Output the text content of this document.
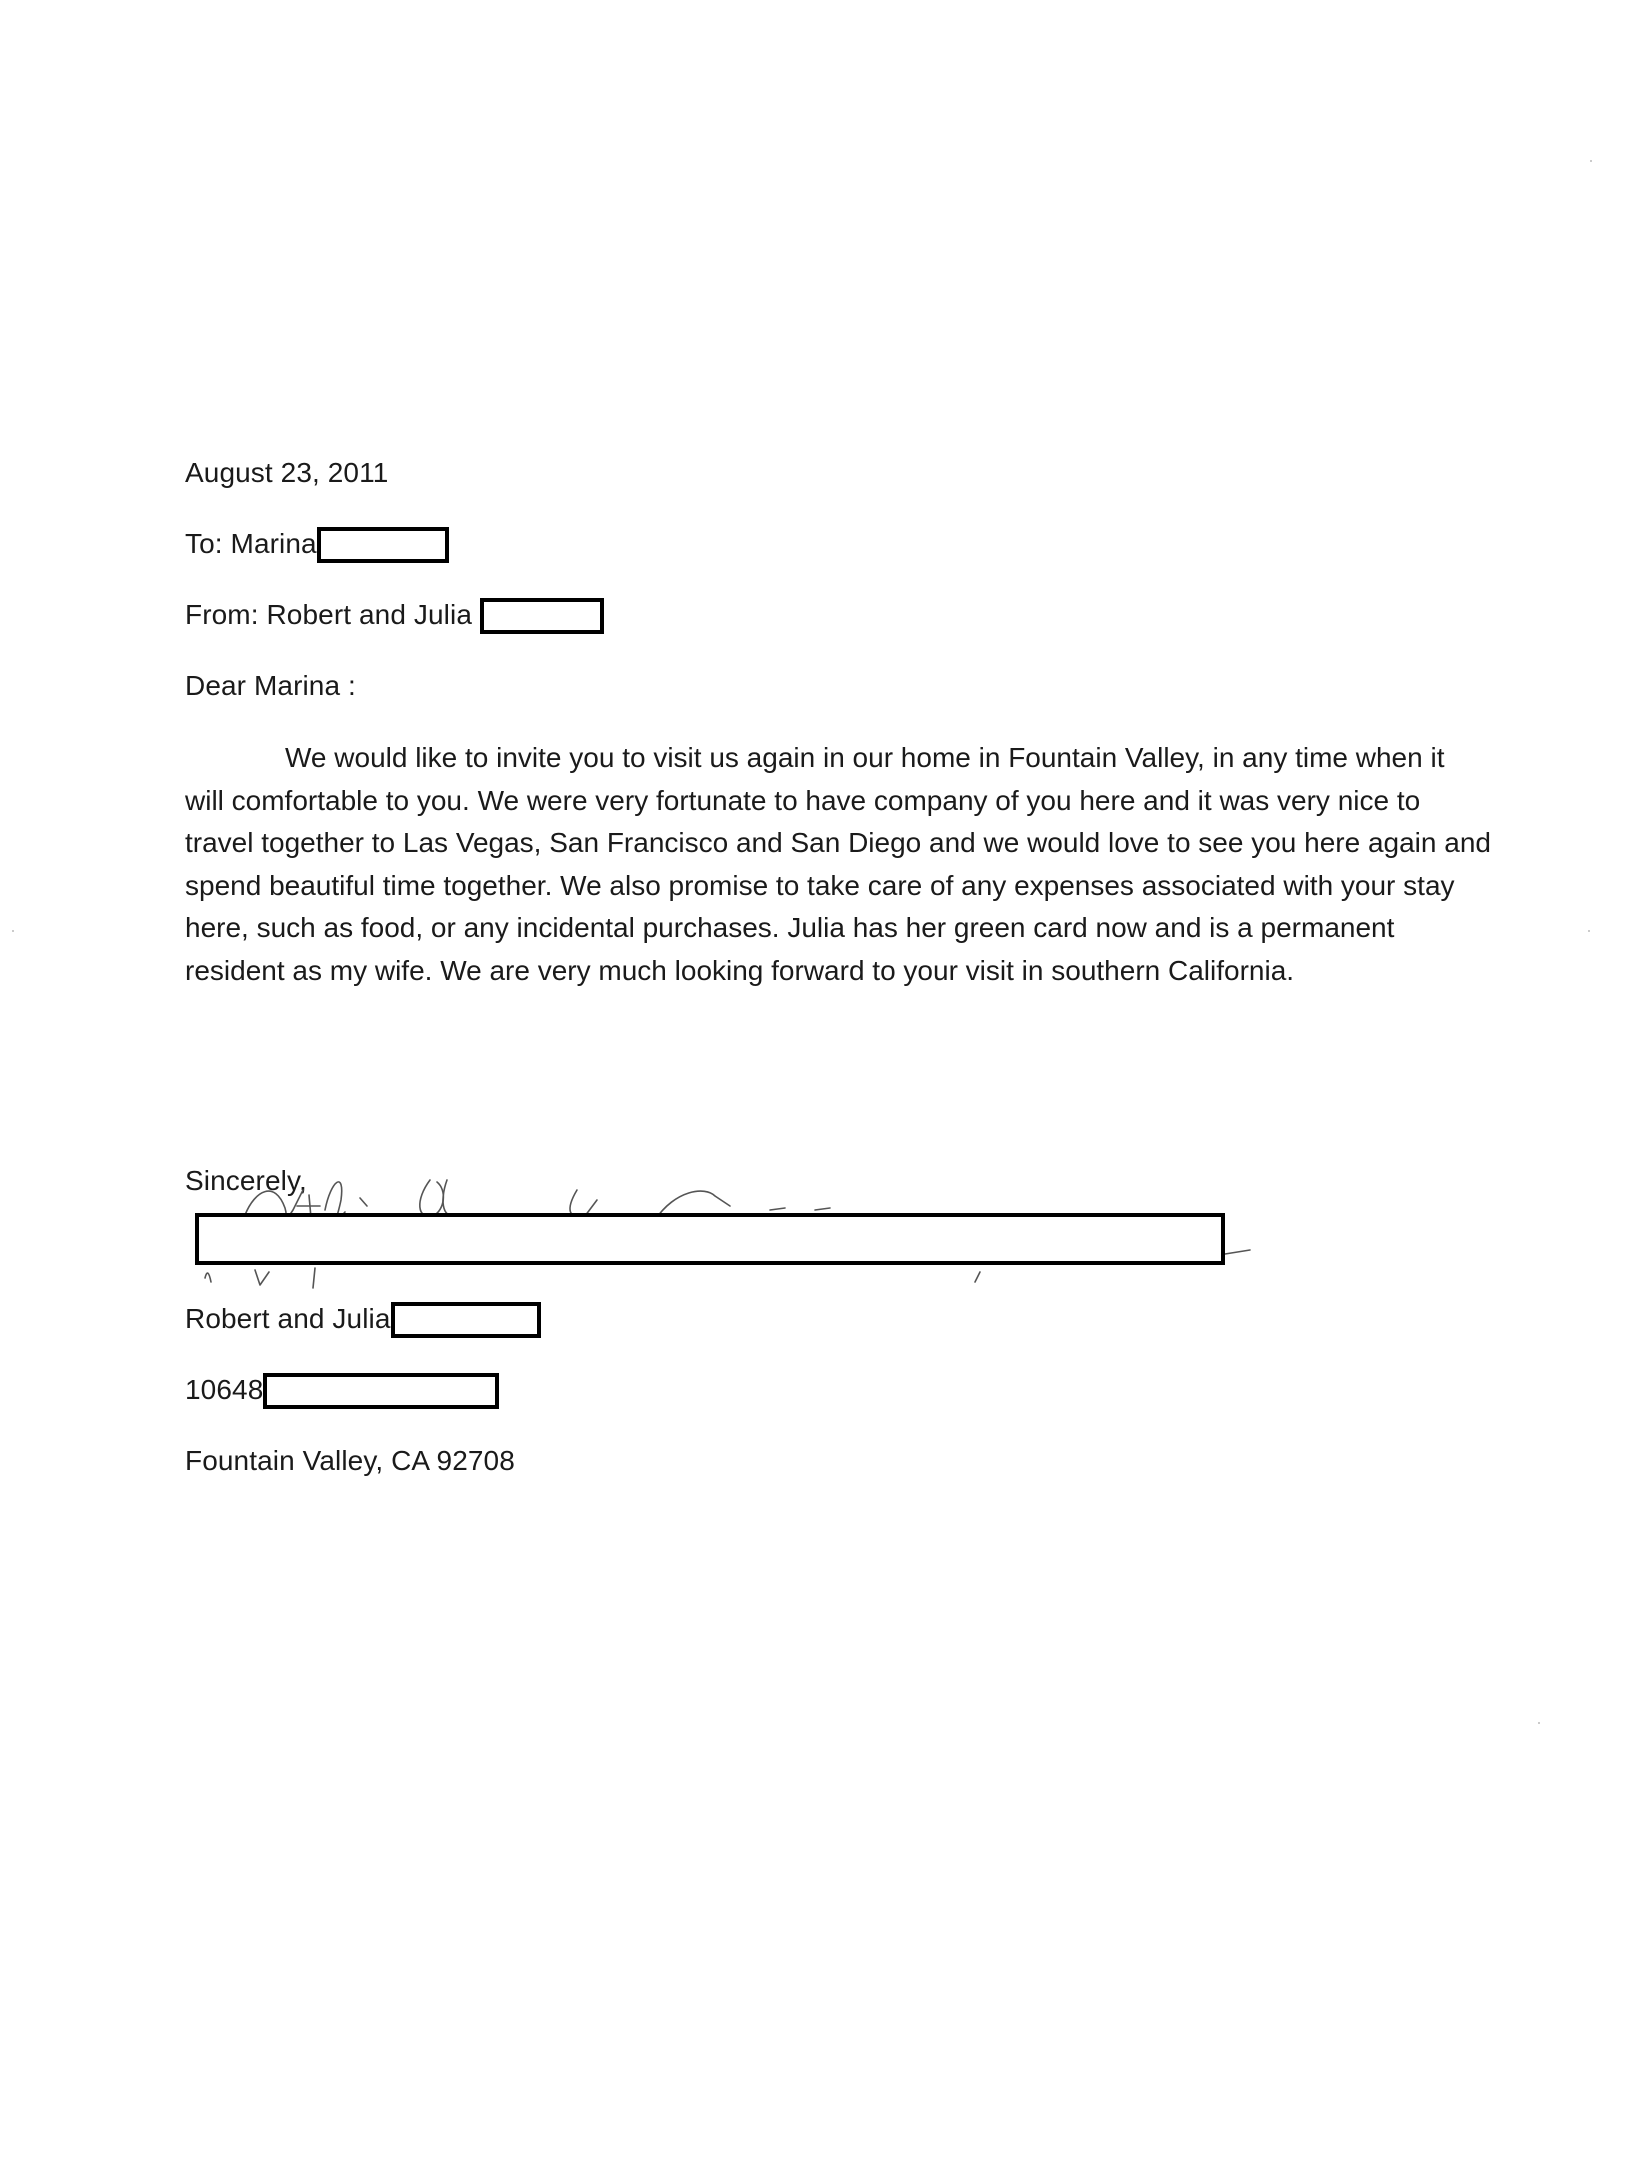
August 23, 2011
To: Marina
From: Robert and Julia
Dear Marina :

We would like to invite you to visit us again in our home in Fountain Valley, in any time when it

will comfortable to you. We were very fortunate to have company of you here and it was very nice to

travel together to Las Vegas, San Francisco and San Diego and we would love to see you here again and

spend beautiful time together. We also promise to take care of any expenses associated with your stay

here, such as food, or any incidental purchases. Julia has her green card now and is a permanent

resident as my wife. We are very much looking forward to your visit in southern California.

Sincerely,
Robert and Julia
10648
Fountain Valley, CA 92708
